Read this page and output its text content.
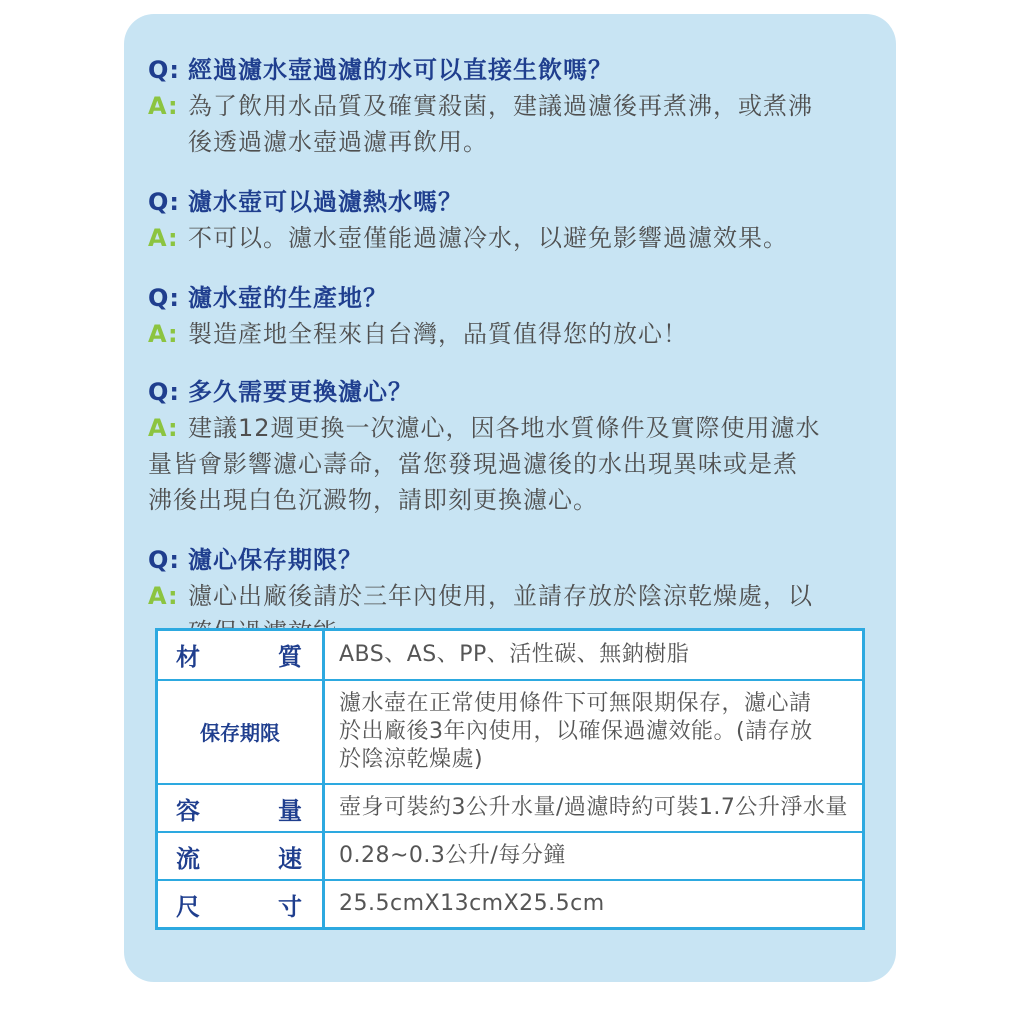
Q: 經過濾水壺過濾的水可以直接生飲嗎？
A: 為了飲用水品質及確實殺菌，建議過濾後再煮沸，或煮沸
後透過濾水壺過濾再飲用。
Q: 濾水壺可以過濾熱水嗎？
A: 不可以。濾水壺僅能過濾冷水，以避免影響過濾效果。
Q: 濾水壺的生產地？
A: 製造產地全程來自台灣，品質值得您的放心！
Q: 多久需要更換濾心？
A: 建議12週更換一次濾心，因各地水質條件及實際使用濾水
量皆會影響濾心壽命，當您發現過濾後的水出現異味或是煮
沸後出現白色沉澱物，請即刻更換濾心。
Q: 濾心保存期限？
A: 濾心出廠後請於三年內使用，並請存放於陰涼乾燥處，以
材　質	ABS、AS、PP、活性碳、無鈉樹脂
保存期限	濾水壺在正常使用條件下可無限期保存，濾心請
於出廠後3年內使用，以確保過濾效能。(請存放
於陰涼乾燥處)

容　量	壺身可裝約3公升水量/過濾時約可裝1.7公升淨水量
流　速	0.28~0.3公升/每分鐘
尺　寸	25.5cmX13cmX25.5cm
